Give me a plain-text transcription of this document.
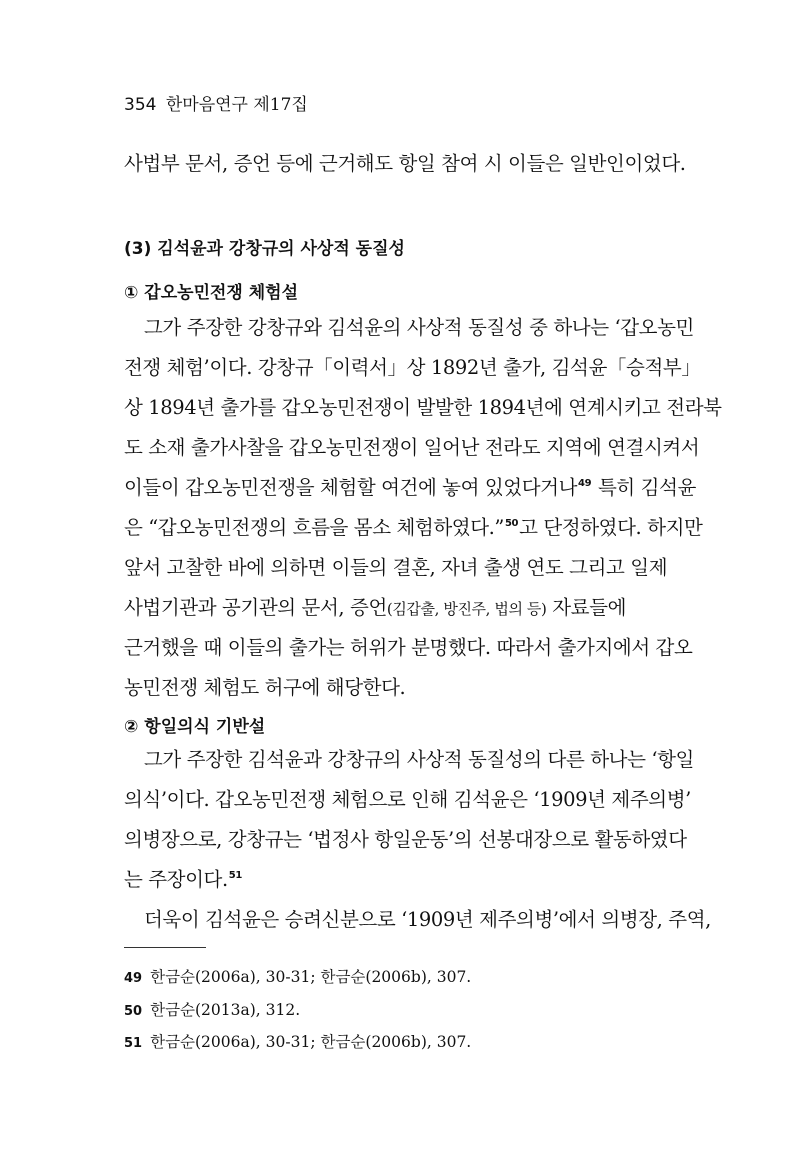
354 한마음연구 제17집
사법부 문서, 증언 등에 근거해도 항일 참여 시 이들은 일반인이었다.
(3) 김석윤과 강창규의 사상적 동질성
① 갑오농민전쟁 체험설
그가 주장한 강창규와 김석윤의 사상적 동질성 중 하나는 ‘갑오농민
전쟁 체험’이다. 강창규「이력서」상 1892년 출가, 김석윤「승적부」
상 1894년 출가를 갑오농민전쟁이 발발한 1894년에 연계시키고 전라북
도 소재 출가사찰을 갑오농민전쟁이 일어난 전라도 지역에 연결시켜서
이들이 갑오농민전쟁을 체험할 여건에 놓여 있었다거나$^{49}$ 특히 김석윤
은 “갑오농민전쟁의 흐름을 몸소 체험하였다.”$^{50}$고 단정하였다. 하지만
앞서 고찰한 바에 의하면 이들의 결혼, 자녀 출생 연도 그리고 일제
사법기관과 공기관의 문서, 증언(김갑출, 방진주, 법의 등) 자료들에
근거했을 때 이들의 출가는 허위가 분명했다. 따라서 출가지에서 갑오
농민전쟁 체험도 허구에 해당한다.
② 항일의식 기반설
그가 주장한 김석윤과 강창규의 사상적 동질성의 다른 하나는 ‘항일
의식’이다. 갑오농민전쟁 체험으로 인해 김석윤은 ‘1909년 제주의병’
의병장으로, 강창규는 ‘법정사 항일운동’의 선봉대장으로 활동하였다
는 주장이다.$^{51}$
더욱이 김석윤은 승려신분으로 ‘1909년 제주의병’에서 의병장, 주역,
49 한금순(2006a), 30-31; 한금순(2006b), 307.
50 한금순(2013a), 312.
51 한금순(2006a), 30-31; 한금순(2006b), 307.
